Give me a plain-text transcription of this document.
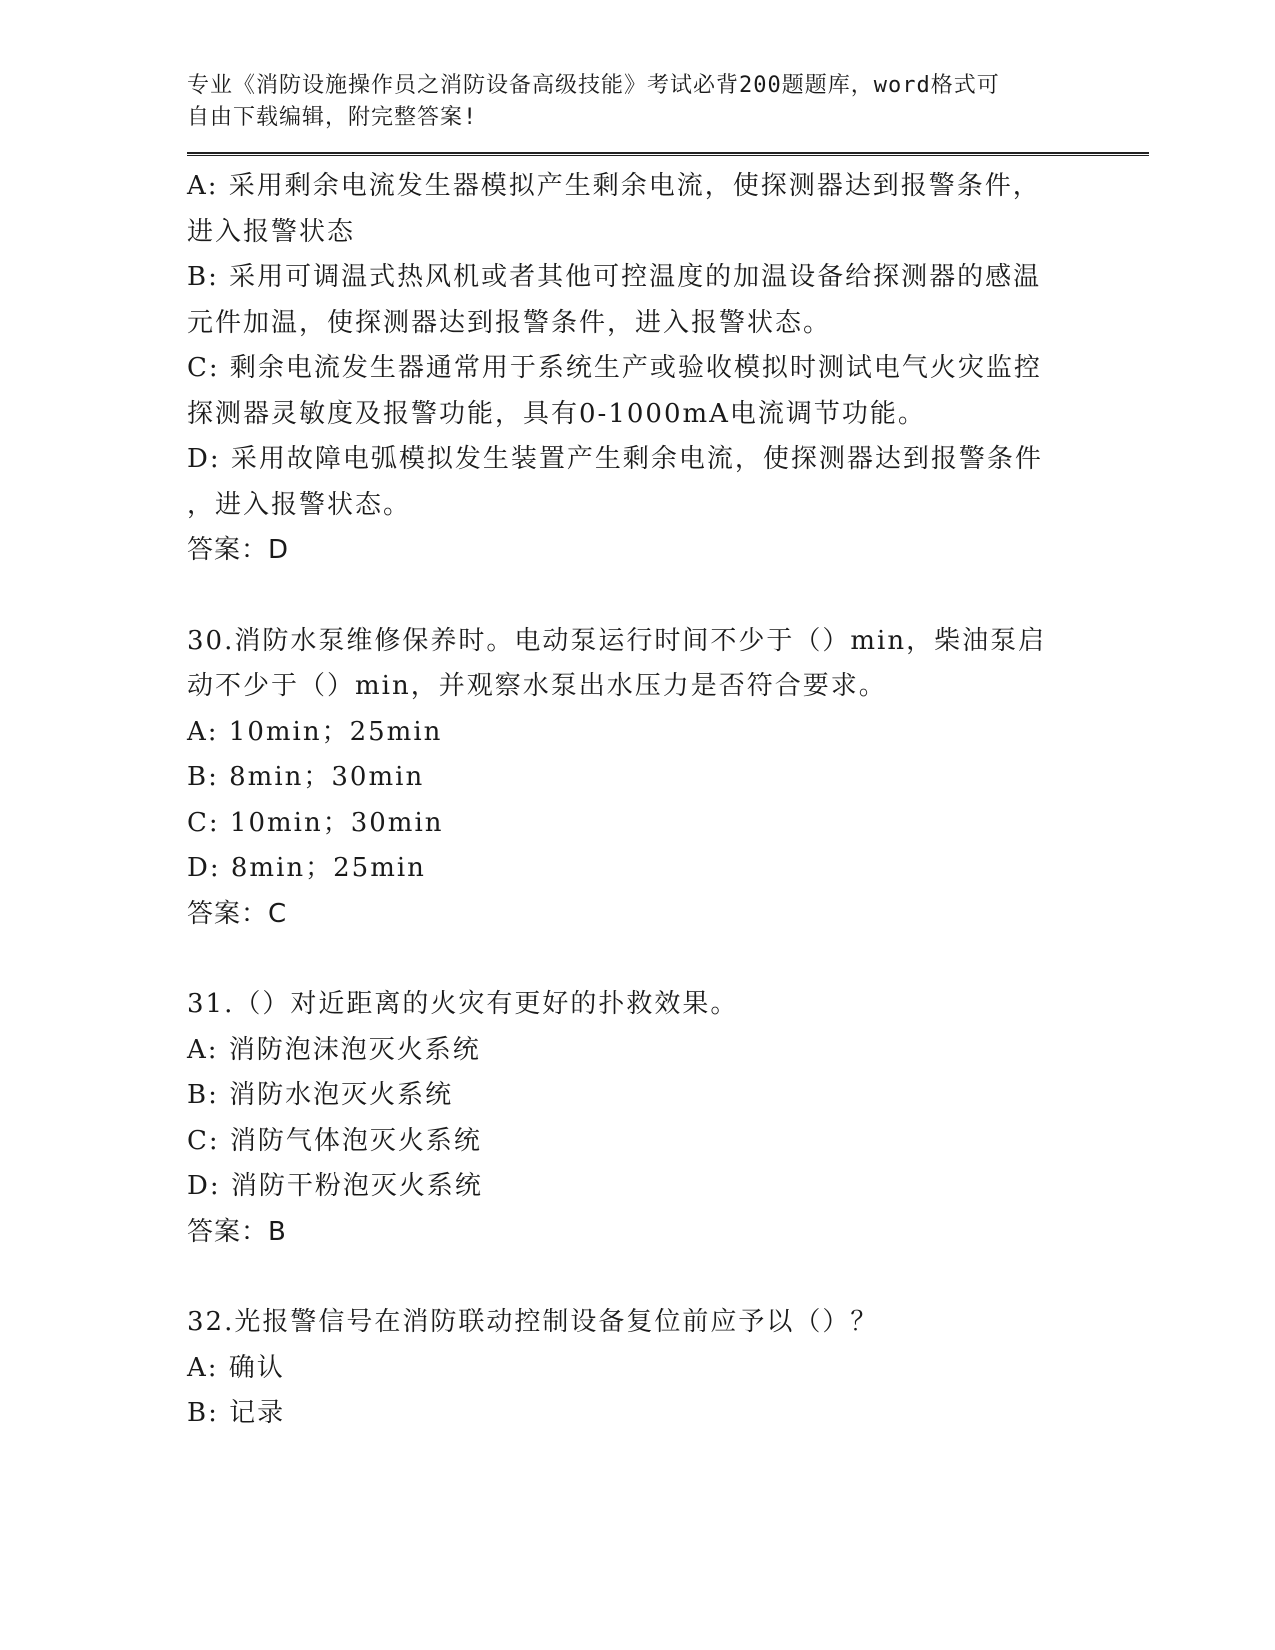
专业《消防设施操作员之消防设备高级技能》考试必背200题题库，word格式可
自由下载编辑，附完整答案!
A: 采用剩余电流发生器模拟产生剩余电流，使探测器达到报警条件，
进入报警状态
B: 采用可调温式热风机或者其他可控温度的加温设备给探测器的感温
元件加温，使探测器达到报警条件，进入报警状态。
C: 剩余电流发生器通常用于系统生产或验收模拟时测试电气火灾监控
探测器灵敏度及报警功能，具有0-1000mA电流调节功能。
D: 采用故障电弧模拟发生装置产生剩余电流，使探测器达到报警条件
，进入报警状态。
答案：D
30.消防水泵维修保养时。电动泵运行时间不少于（）min，柴油泵启
动不少于（）min，并观察水泵出水压力是否符合要求。
A: 10min；25min
B: 8min；30min
C: 10min；30min
D: 8min；25min
答案：C
31.（）对近距离的火灾有更好的扑救效果。
A: 消防泡沫泡灭火系统
B: 消防水泡灭火系统
C: 消防气体泡灭火系统
D: 消防干粉泡灭火系统
答案：B
32.光报警信号在消防联动控制设备复位前应予以（）？
A: 确认
B: 记录
